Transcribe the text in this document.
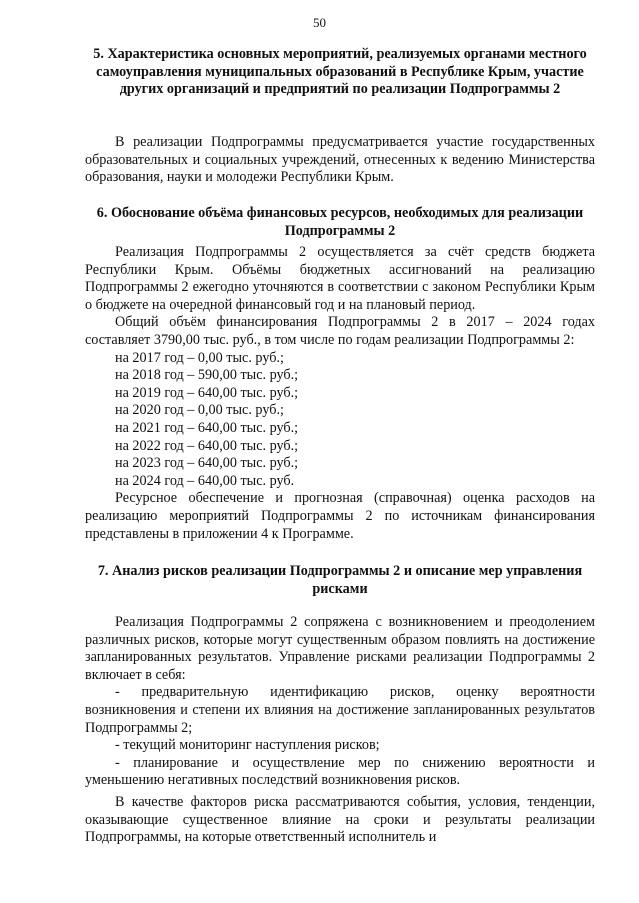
50
5. Характеристика основных мероприятий, реализуемых органами местного самоуправления муниципальных образований в Республике Крым, участие других организаций и предприятий по реализации Подпрограммы 2

В реализации Подпрограммы предусматривается участие государственных образовательных и социальных учреждений, отнесенных к ведению Министерства образования, науки и молодежи Республики Крым.

6. Обоснование объёма финансовых ресурсов, необходимых для реализации Подпрограммы 2

Реализация Подпрограммы 2 осуществляется за счёт средств бюджета Республики Крым. Объёмы бюджетных ассигнований на реализацию Подпрограммы 2 ежегодно уточняются в соответствии с законом Республики Крым о бюджете на очередной финансовый год и на плановый период.

Общий объём финансирования Подпрограммы 2 в 2017 – 2024 годах составляет 3790,00 тыс. руб., в том числе по годам реализации Подпрограммы 2:

на 2017 год – 0,00 тыс. руб.;

на 2018 год – 590,00 тыс. руб.;

на 2019 год – 640,00 тыс. руб.;

на 2020 год – 0,00 тыс. руб.;

на 2021 год – 640,00 тыс. руб.;

на 2022 год – 640,00 тыс. руб.;

на 2023 год – 640,00 тыс. руб.;

на 2024 год – 640,00 тыс. руб.

Ресурсное обеспечение и прогнозная (справочная) оценка расходов на реализацию мероприятий Подпрограммы 2 по источникам финансирования представлены в приложении 4 к Программе.

7. Анализ рисков реализации Подпрограммы 2 и описание мер управления рисками

Реализация Подпрограммы 2 сопряжена с возникновением и преодолением различных рисков, которые могут существенным образом повлиять на достижение запланированных результатов. Управление рисками реализации Подпрограммы 2 включает в себя:

- предварительную идентификацию рисков, оценку вероятности возникновения и степени их влияния на достижение запланированных результатов Подпрограммы 2;

- текущий мониторинг наступления рисков;

- планирование и осуществление мер по снижению вероятности и уменьшению негативных последствий возникновения рисков.

В качестве факторов риска рассматриваются события, условия, тенденции, оказывающие существенное влияние на сроки и результаты реализации Подпрограммы, на которые ответственный исполнитель и
